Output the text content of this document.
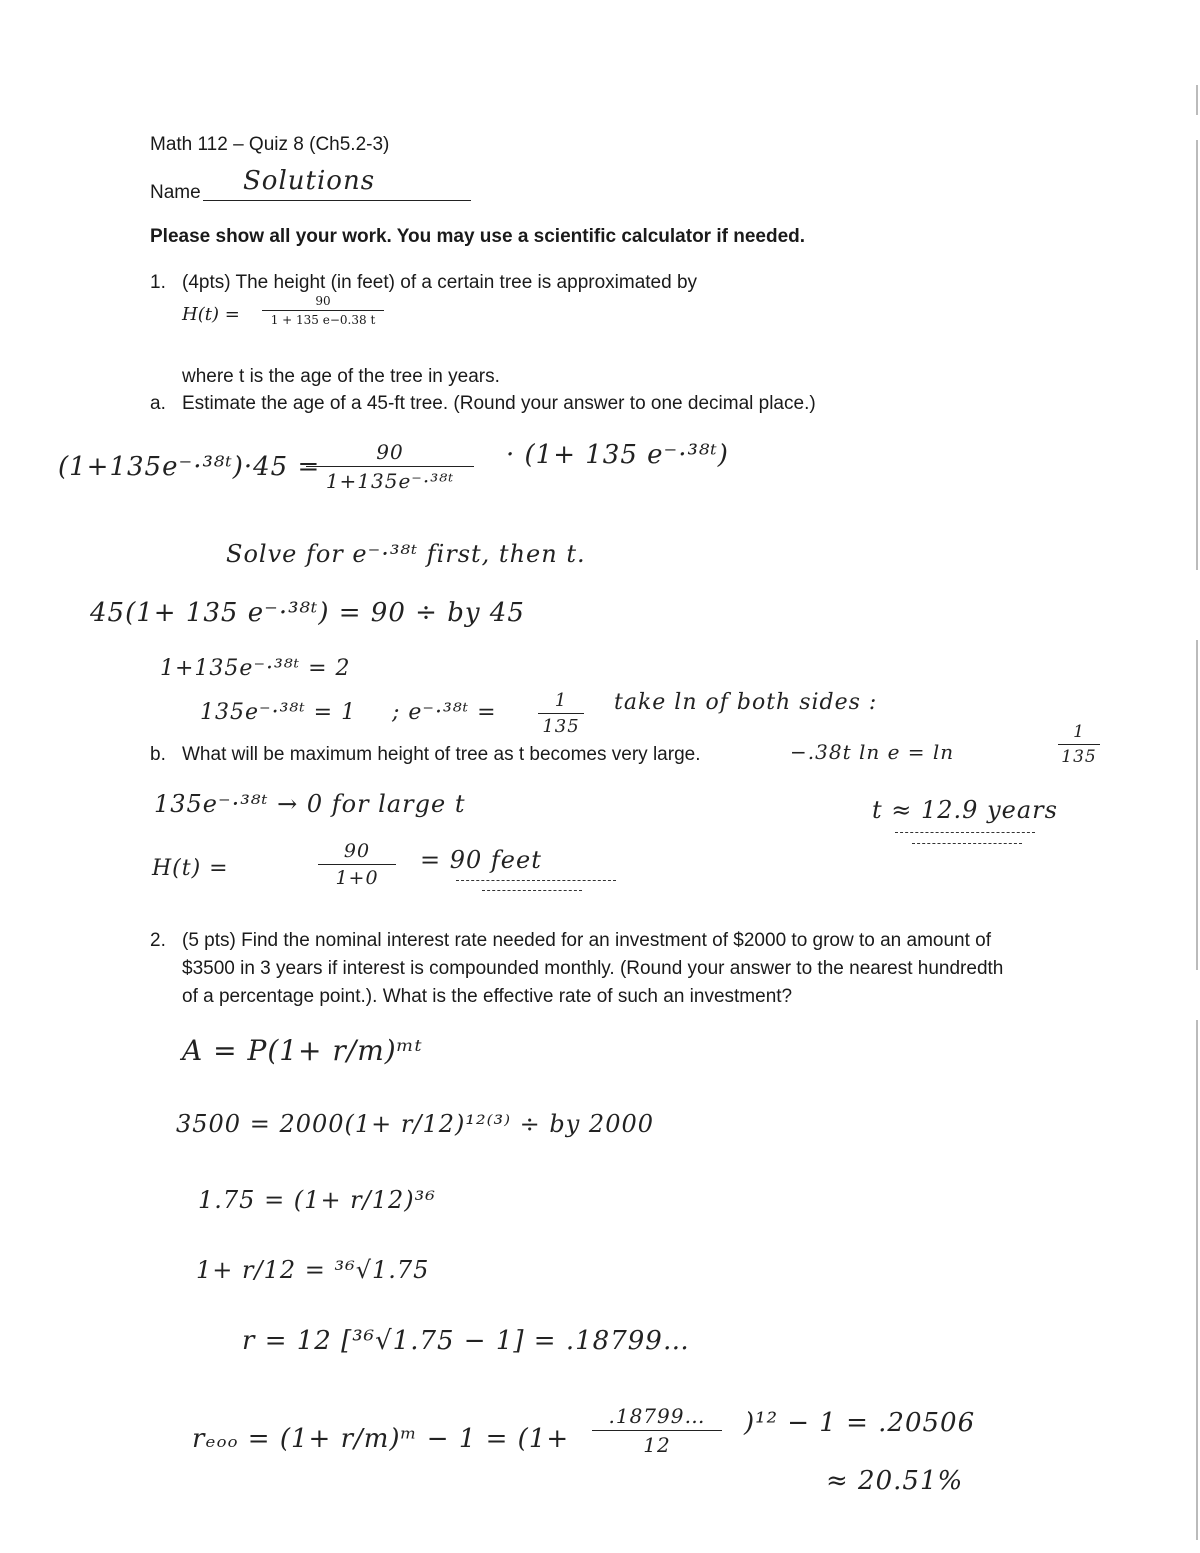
Math 112 – Quiz 8 (Ch5.2-3)
Name Solutions
Please show all your work. You may use a scientific calculator if needed.
1. (4pts) The height (in feet) of a certain tree is approximated by
H(t) =
90
1 + 135 e−0.38 t
where t is the age of the tree in years.
a. Estimate the age of a 45-ft tree. (Round your answer to one decimal place.)
(1+135e⁻·³⁸ᵗ)·45 =	90
1+135e⁻·³⁸ᵗ
· (1+ 135 e⁻·³⁸ᵗ)
Solve for e⁻·³⁸ᵗ first, then t.
45(1+ 135 e⁻·³⁸ᵗ) = 90 ÷ by 45
1+135e⁻·³⁸ᵗ = 2
135e⁻·³⁸ᵗ = 1 ; e⁻·³⁸ᵗ =	1
135
take ln of both sides :
b. What will be maximum height of tree as t becomes very large.	−.38t ln e = ln
1
135
t ≈ 12.9 years
135e⁻·³⁸ᵗ → 0 for large t
H(t) =
90
1+0
= 90 feet
2. (5 pts) Find the nominal interest rate needed for an investment of $2000 to grow to an amount of
$3500 in 3 years if interest is compounded monthly. (Round your answer to the nearest hundredth
of a percentage point.). What is the effective rate of such an investment?
A = P(1+ r/m)ᵐᵗ
3500 = 2000(1+ r/12)¹²⁽³⁾ ÷ by 2000
1.75 = (1+ r/12)³⁶
1+ r/12 = ³⁶√1.75
r = 12 [³⁶√1.75 − 1] = .18799…
rₑₒₒ = (1+ r/m)ᵐ − 1 = (1+
.18799…
12
)¹² − 1 = .20506
≈ 20.51%
